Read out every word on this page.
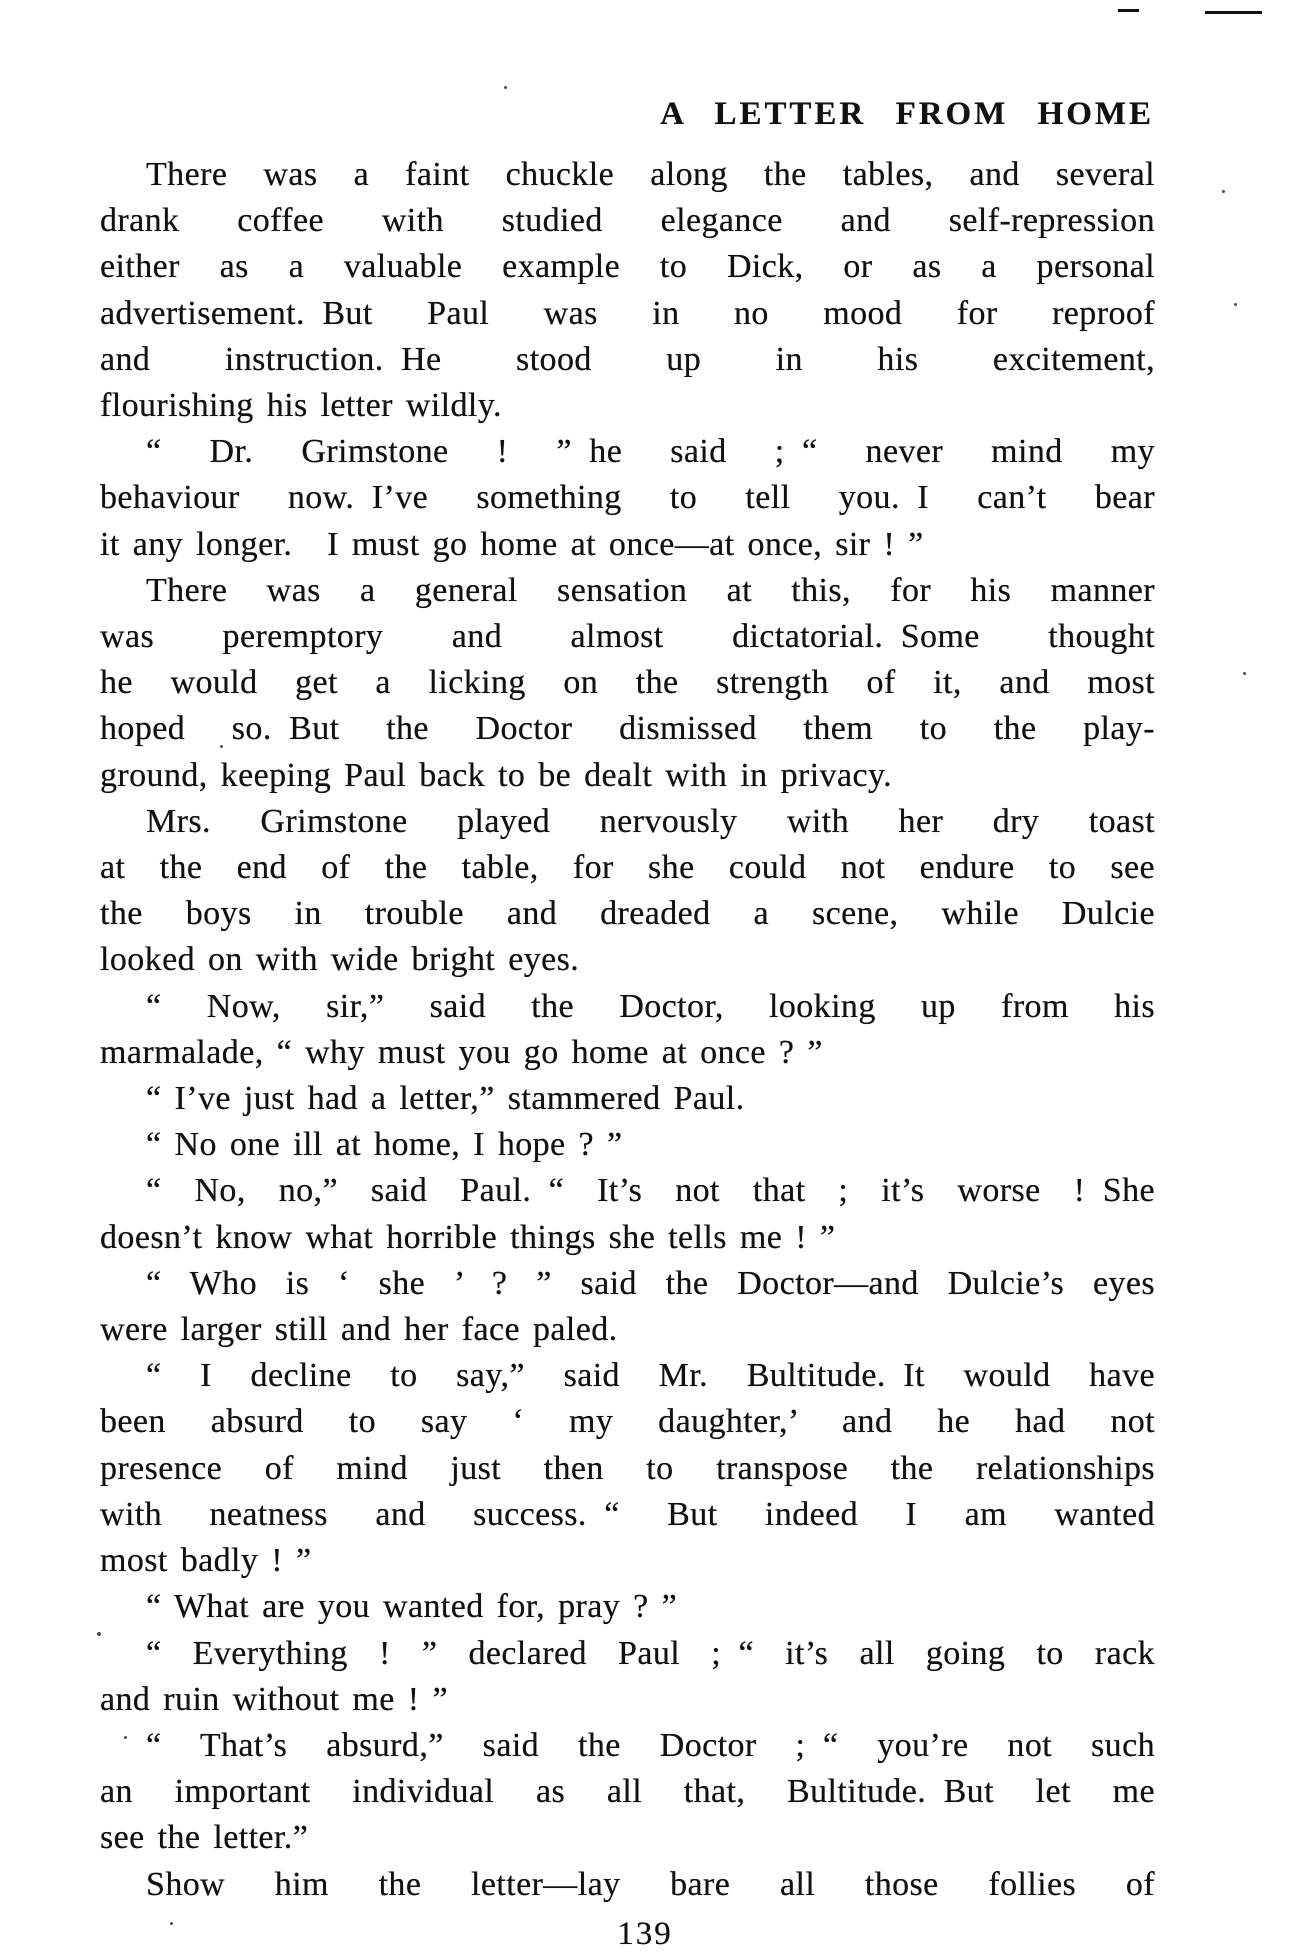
A LETTER FROM HOME
There was a faint chuckle along the tables, and several
drank coffee with studied elegance and self-repression
either as a valuable example to Dick, or as a personal
advertisement. But Paul was in no mood for reproof
and instruction. He stood up in his excitement,
flourishing his letter wildly.
“ Dr. Grimstone ! ” he said ; “ never mind my
behaviour now. I’ve something to tell you. I can’t bear
it any longer.  I must go home at once—at once, sir ! ”
There was a general sensation at this, for his manner
was peremptory and almost dictatorial. Some thought
he would get a licking on the strength of it, and most
hoped so. But the Doctor dismissed them to the play-
ground, keeping Paul back to be dealt with in privacy.
Mrs. Grimstone played nervously with her dry toast
at the end of the table, for she could not endure to see
the boys in trouble and dreaded a scene, while Dulcie
looked on with wide bright eyes.
“ Now, sir,” said the Doctor, looking up from his
marmalade, “ why must you go home at once ? ”
“ I’ve just had a letter,” stammered Paul.
“ No one ill at home, I hope ? ”
“ No, no,” said Paul. “ It’s not that ; it’s worse ! She
doesn’t know what horrible things she tells me ! ”
“ Who is ‘ she ’ ? ” said the Doctor—and Dulcie’s eyes
were larger still and her face paled.
“ I decline to say,” said Mr. Bultitude. It would have
been absurd to say ‘ my daughter,’ and he had not
presence of mind just then to transpose the relationships
with neatness and success. “ But indeed I am wanted
most badly ! ”
“ What are you wanted for, pray ? ”
“ Everything ! ” declared Paul ; “ it’s all going to rack
and ruin without me ! ”
“ That’s absurd,” said the Doctor ; “ you’re not such
an important individual as all that, Bultitude. But let me
see the letter.”
Show him the letter—lay bare all those follies of
139
